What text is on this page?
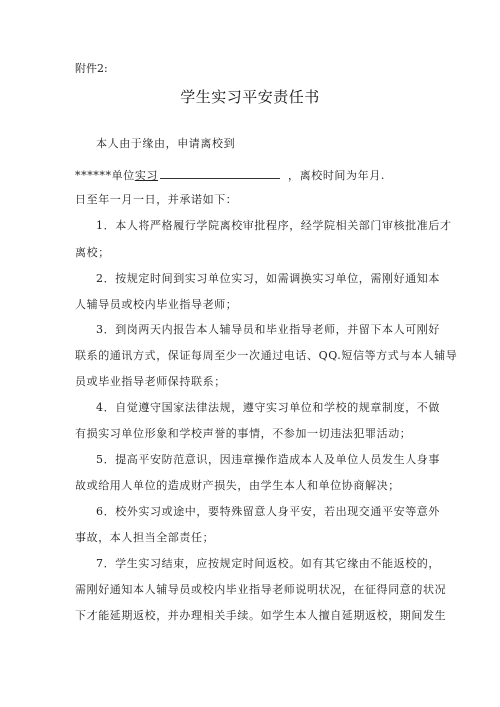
附件2:
学生实习平安责任书
本人由于缘由，申请离校到
******单位实习	，离校时间为年月.
日至年一月一日，并承诺如下：
1．本人将严格履行学院离校审批程序，经学院相关部门审核批准后才
离校；
2．按规定时间到实习单位实习，如需调换实习单位，需刚好通知本
人辅导员或校内毕业指导老师；
3．到岗两天内报告本人辅导员和毕业指导老师，并留下本人可刚好
联系的通讯方式，保证每周至少一次通过电话、QQ.短信等方式与本人辅导
员或毕业指导老师保持联系；
4．自觉遵守国家法律法规，遵守实习单位和学校的规章制度，不做
有损实习单位形象和学校声誉的事情，不参加一切违法犯罪活动；
5．提高平安防范意识，因违章操作造成本人及单位人员发生人身事
故或给用人单位的造成财产损失，由学生本人和单位协商解决；
6．校外实习或途中，要特殊留意人身平安，若出现交通平安等意外
事故，本人担当全部责任；
7．学生实习结束，应按规定时间返校。如有其它缘由不能返校的，
需刚好通知本人辅导员或校内毕业指导老师说明状况，在征得同意的状况
下才能延期返校，并办理相关手续。如学生本人擅自延期返校，期间发生
